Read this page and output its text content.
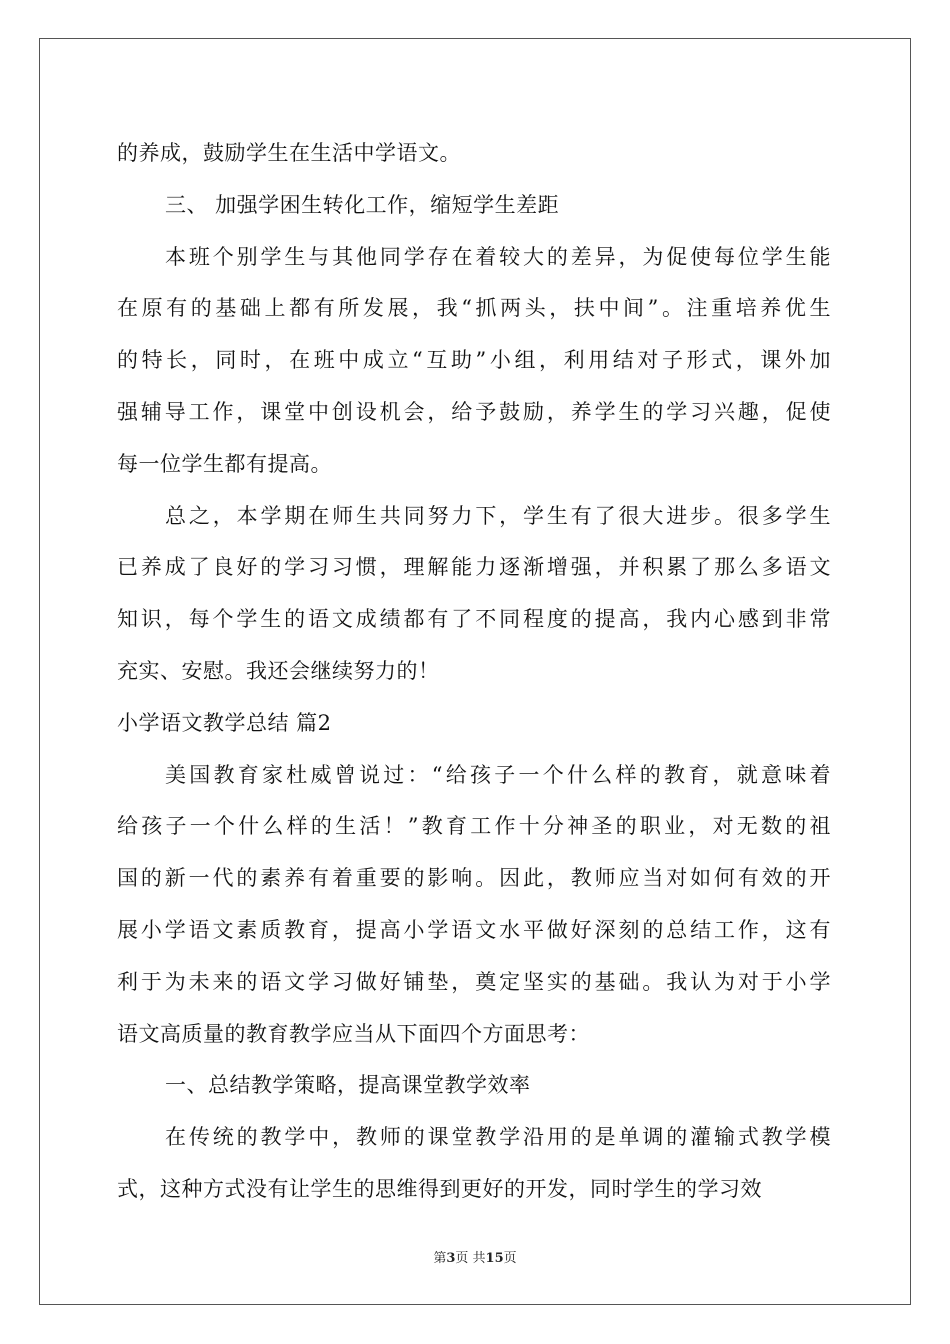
的养成，鼓励学生在生活中学语文。
三、 加强学困生转化工作，缩短学生差距
本班个别学生与其他同学存在着较大的差异，为促使每位学生能
在原有的基础上都有所发展，我“抓两头，扶中间”。注重培养优生
的特长，同时，在班中成立“互助”小组，利用结对子形式，课外加
强辅导工作，课堂中创设机会，给予鼓励，养学生的学习兴趣，促使
每一位学生都有提高。
总之，本学期在师生共同努力下，学生有了很大进步。很多学生
已养成了良好的学习习惯，理解能力逐渐增强，并积累了那么多语文
知识，每个学生的语文成绩都有了不同程度的提高，我内心感到非常
充实、安慰。我还会继续努力的！
小学语文教学总结 篇2
美国教育家杜威曾说过：“给孩子一个什么样的教育，就意味着
给孩子一个什么样的生活！”教育工作十分神圣的职业，对无数的祖
国的新一代的素养有着重要的影响。因此，教师应当对如何有效的开
展小学语文素质教育，提高小学语文水平做好深刻的总结工作，这有
利于为未来的语文学习做好铺垫，奠定坚实的基础。我认为对于小学
语文高质量的教育教学应当从下面四个方面思考：
一、总结教学策略，提高课堂教学效率
在传统的教学中，教师的课堂教学沿用的是单调的灌输式教学模
式，这种方式没有让学生的思维得到更好的开发，同时学生的学习效
第3页 共15页
